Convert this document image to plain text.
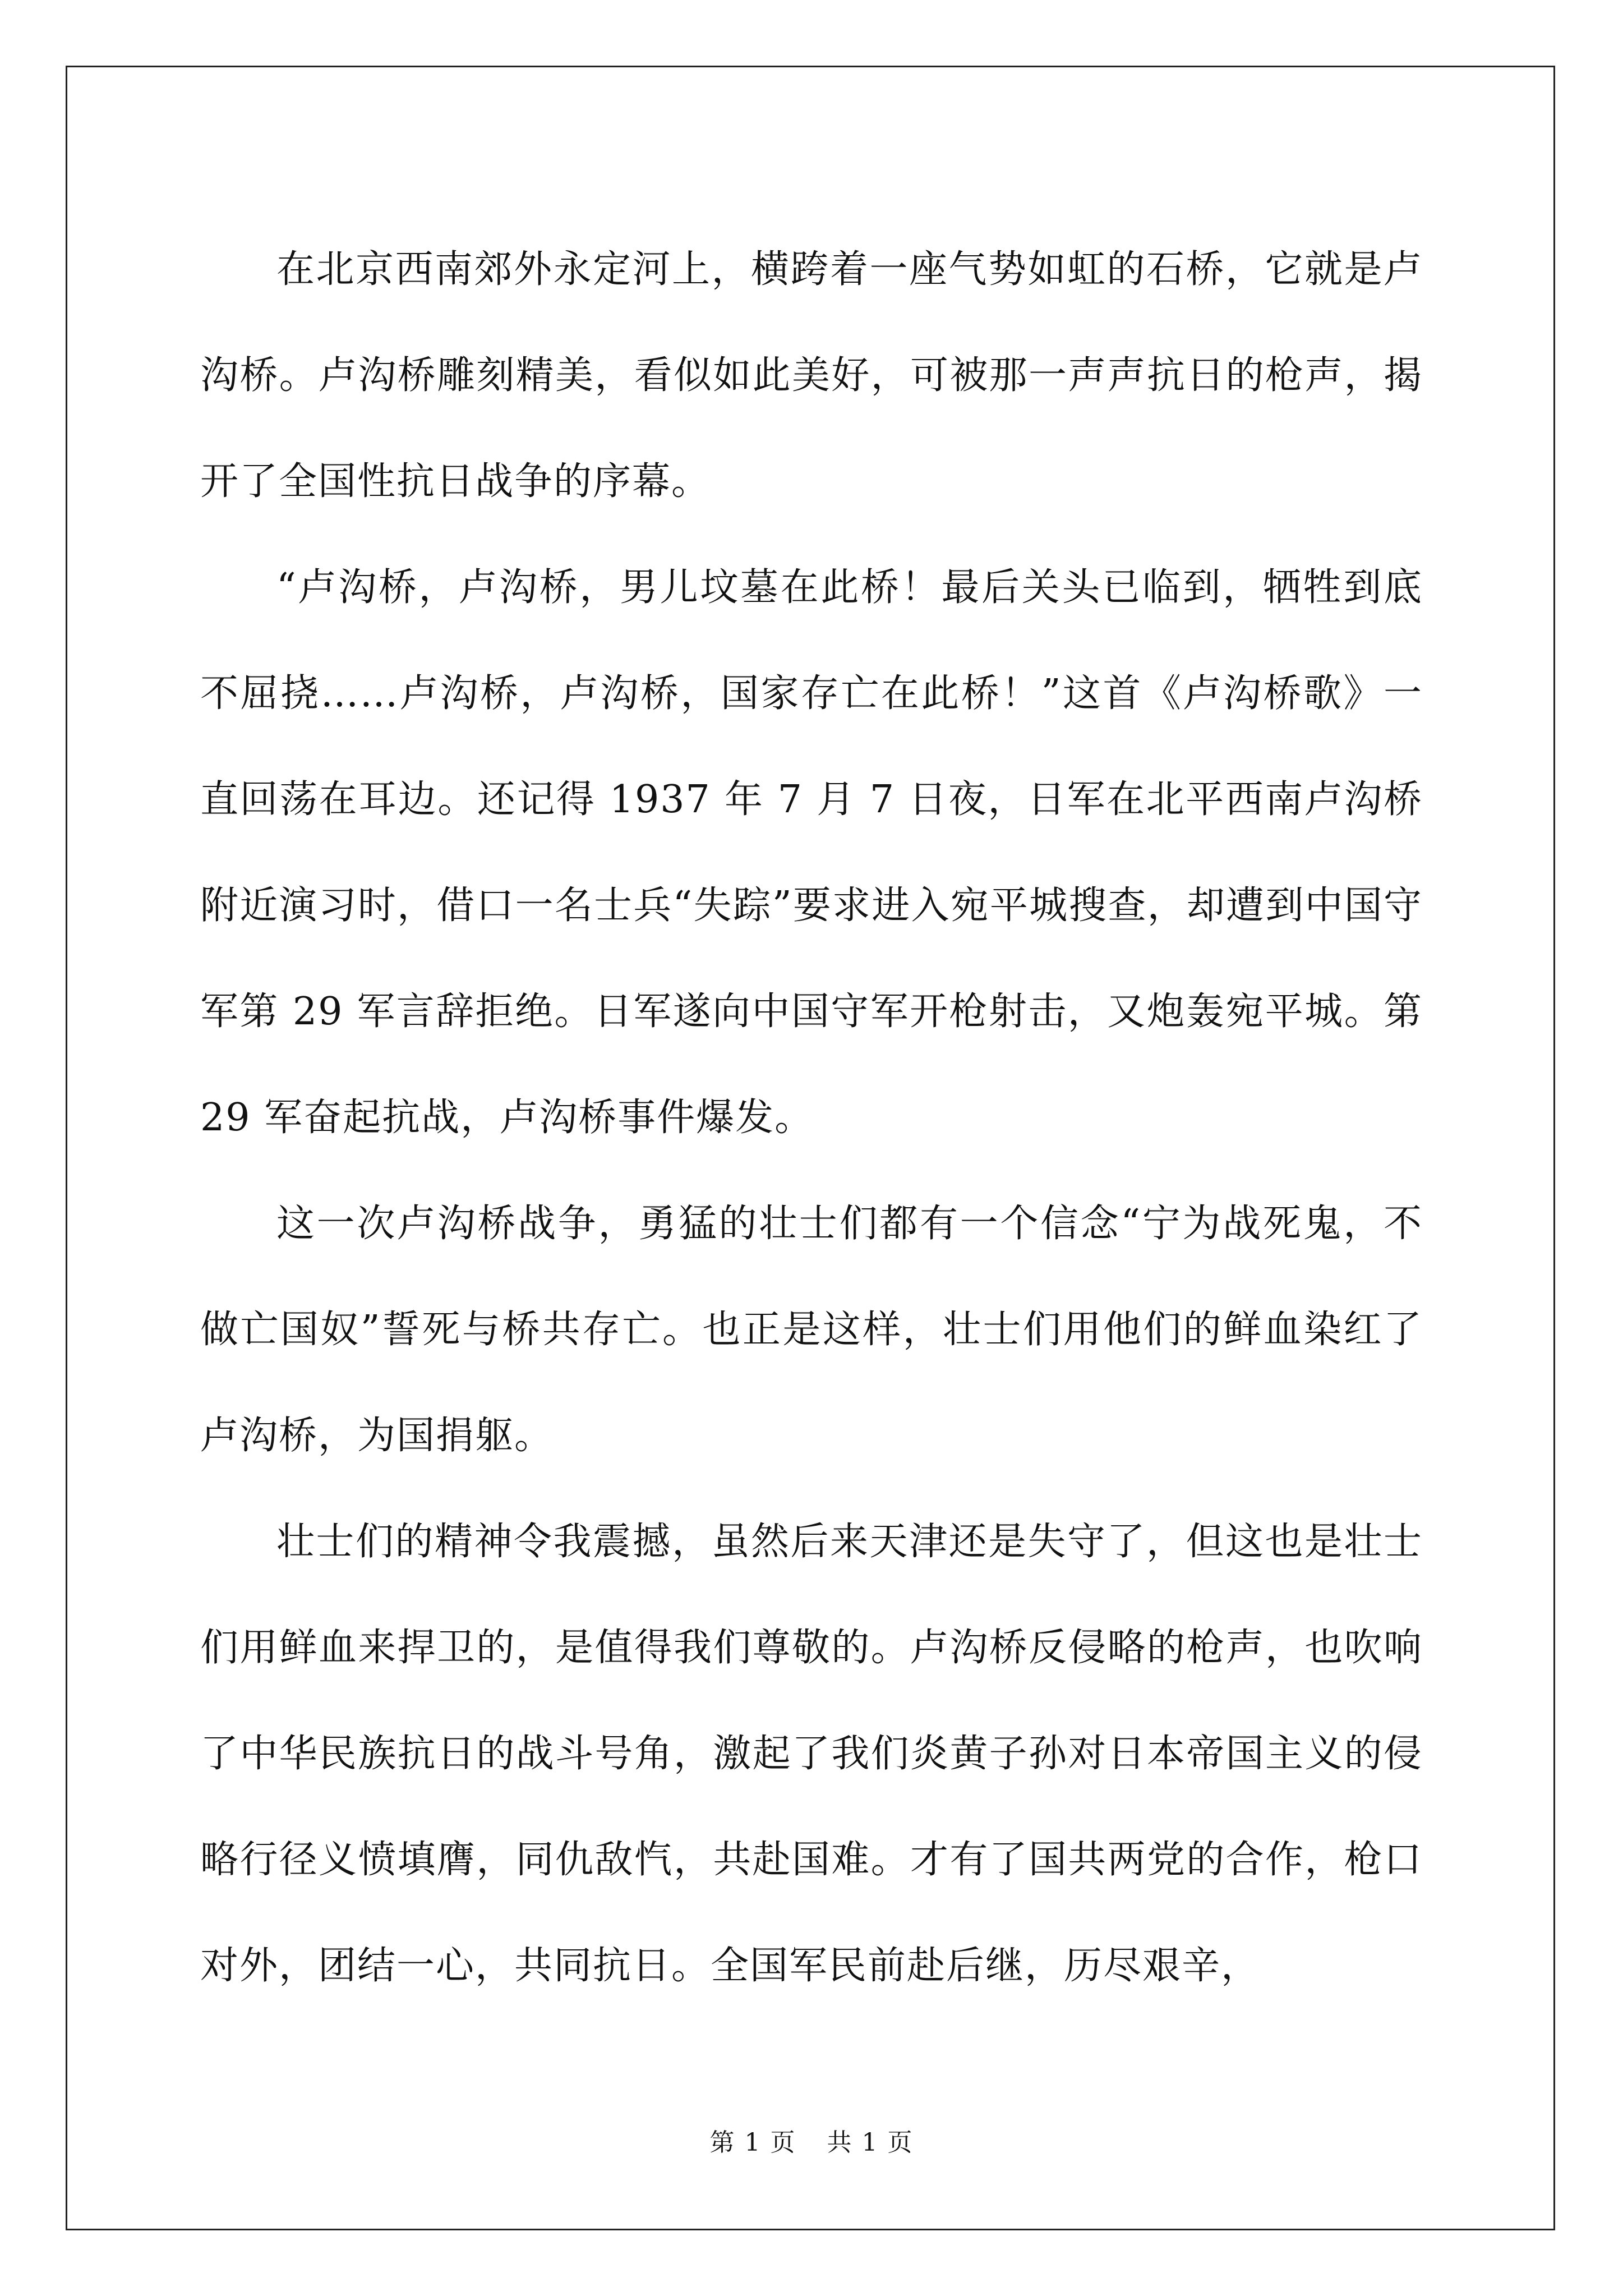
在北京西南郊外永定河上，横跨着一座气势如虹的石桥，它就是卢沟桥。卢沟桥雕刻精美，看似如此美好，可被那一声声抗日的枪声，揭开了全国性抗日战争的序幕。

“卢沟桥，卢沟桥，男儿坟墓在此桥！最后关头已临到，牺牲到底不屈挠……卢沟桥，卢沟桥，国家存亡在此桥！”这首《卢沟桥歌》一直回荡在耳边。还记得 1937 年 7 月 7 日夜，日军在北平西南卢沟桥附近演习时，借口一名士兵“失踪”要求进入宛平城搜查，却遭到中国守军第 29 军言辞拒绝。日军遂向中国守军开枪射击，又炮轰宛平城。第 29 军奋起抗战，卢沟桥事件爆发。

这一次卢沟桥战争，勇猛的壮士们都有一个信念“宁为战死鬼，不做亡国奴”誓死与桥共存亡。也正是这样，壮士们用他们的鲜血染红了卢沟桥，为国捐躯。

壮士们的精神令我震撼，虽然后来天津还是失守了，但这也是壮士们用鲜血来捍卫的，是值得我们尊敬的。卢沟桥反侵略的枪声，也吹响了中华民族抗日的战斗号角，激起了我们炎黄子孙对日本帝国主义的侵略行径义愤填膺，同仇敌忾，共赴国难。才有了国共两党的合作，枪口对外，团结一心，共同抗日。全国军民前赴后继，历尽艰辛，

第 1 页 共 1 页
